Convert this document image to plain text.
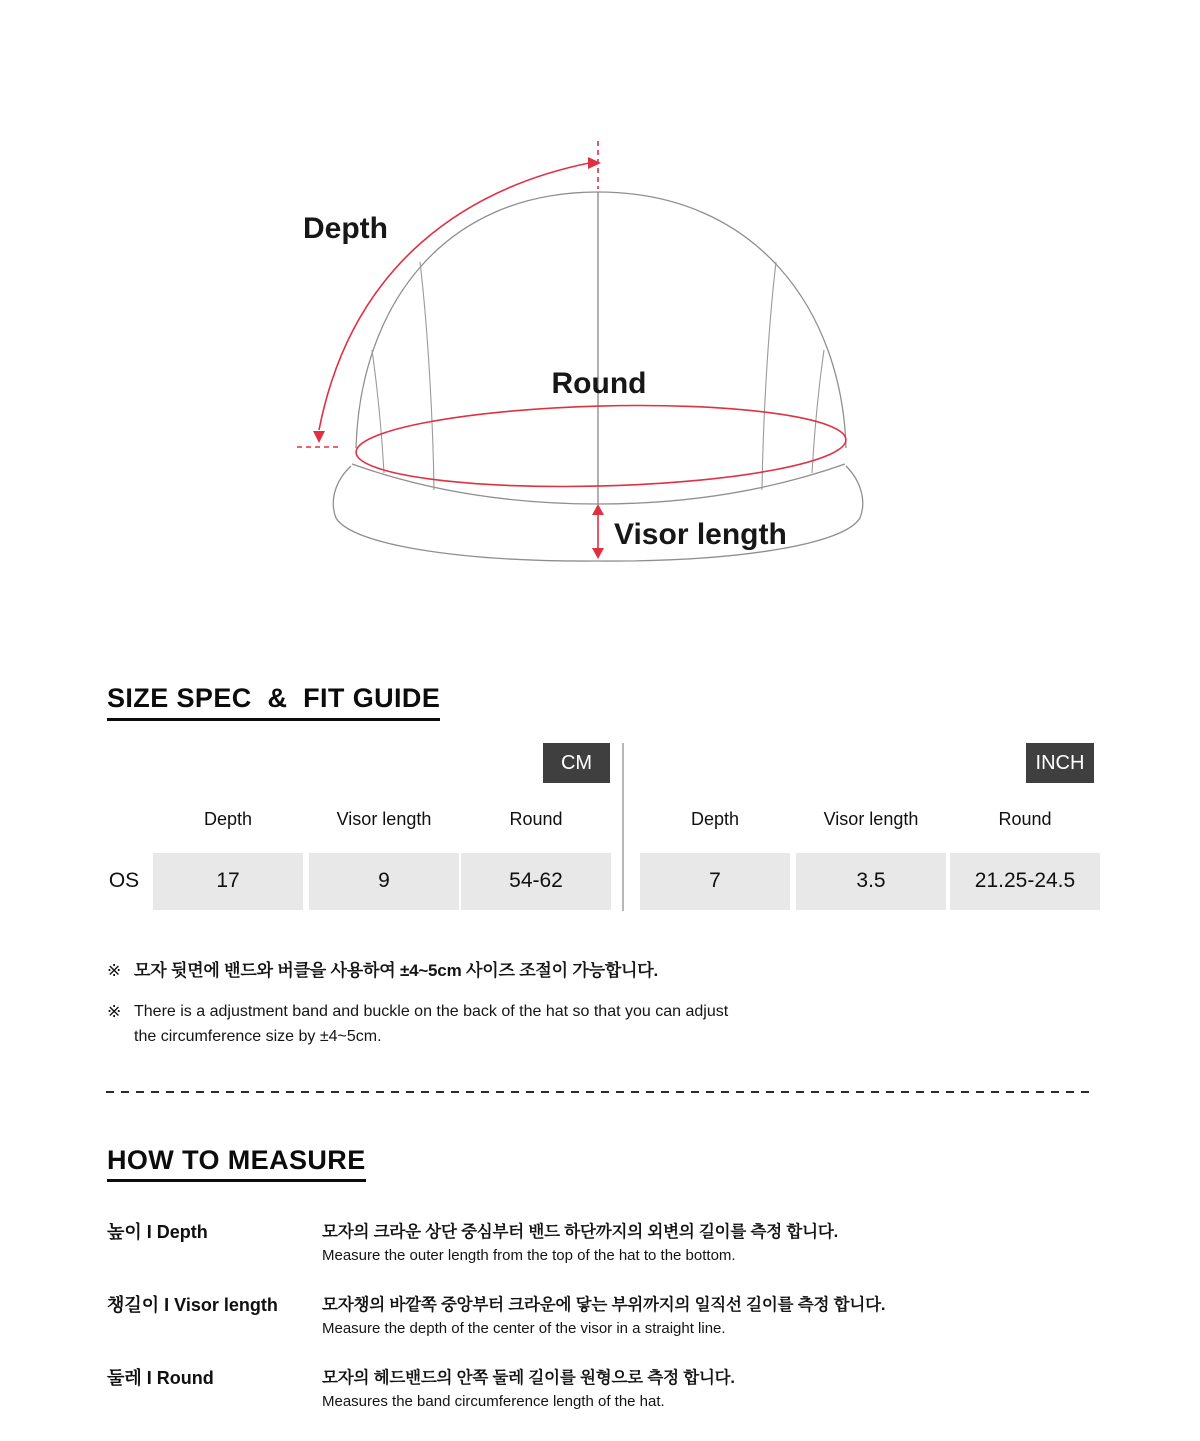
Depth
Round
Visor length
SIZE SPEC  &  FIT GUIDE
CM	INCH
Depth	Visor length	Round	Depth	Visor length	Round
OS	17	9	54-62	7	3.5	21.25-24.5
※ 모자 뒷면에 밴드와 버클을 사용하여 ±4~5cm 사이즈 조절이 가능합니다.
※ There is a adjustment band and buckle on the back of the hat so that you can adjust
the circumference size by ±4~5cm.
HOW TO MEASURE
높이 I Depth	모자의 크라운 상단 중심부터 밴드 하단까지의 외변의 길이를 측정 합니다.
Measure the outer length from the top of the hat to the bottom.
챙길이 I Visor length	모자챙의 바깥쪽 중앙부터 크라운에 닿는 부위까지의 일직선 길이를 측정 합니다.
Measure the depth of the center of the visor in a straight line.
둘레 I Round	모자의 헤드밴드의 안쪽 둘레 길이를 원형으로 측정 합니다.
Measures the band circumference length of the hat.
